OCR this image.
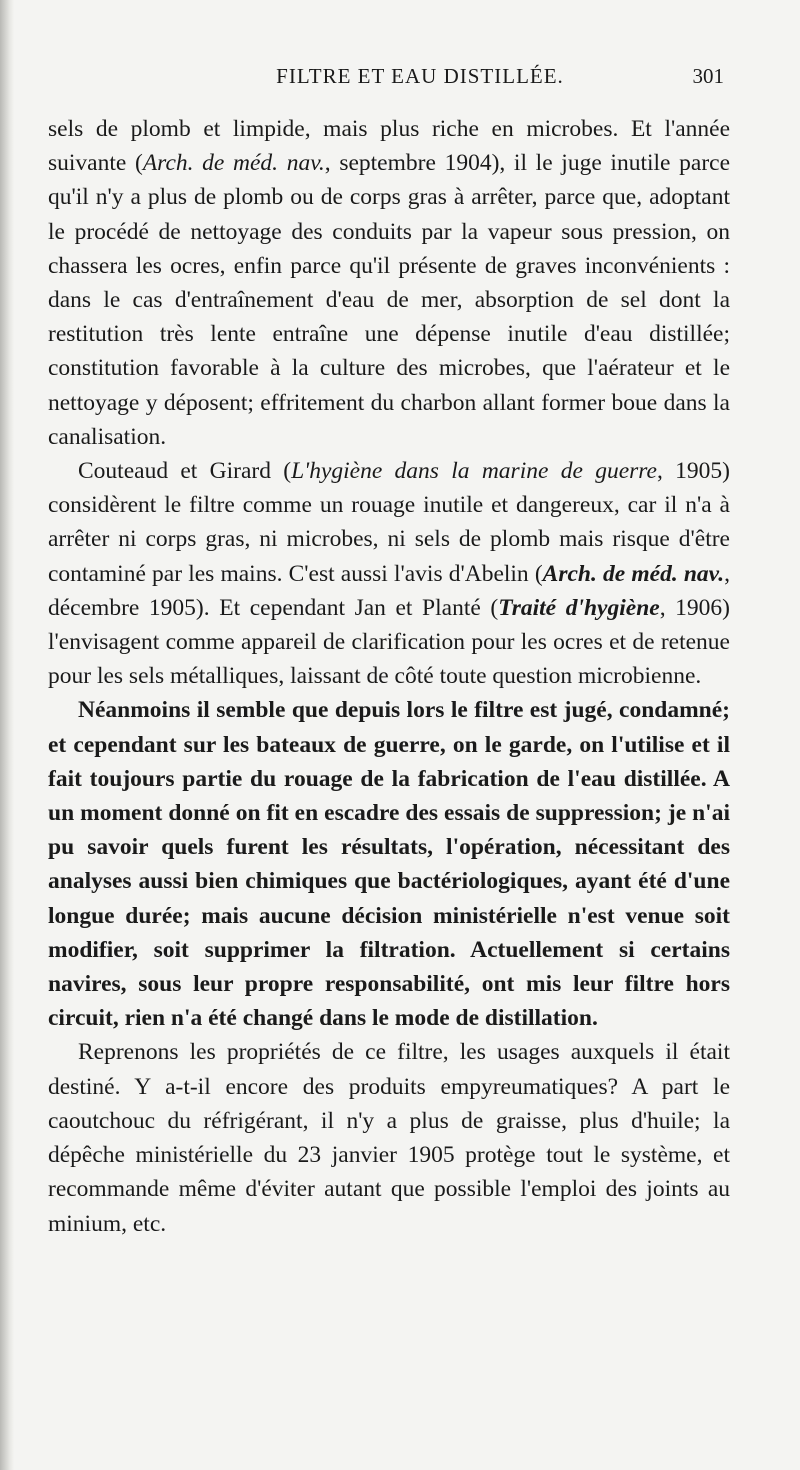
FILTRE ET EAU DISTILLÉE.	301

sels de plomb et limpide, mais plus riche en microbes. Et l'année suivante (Arch. de méd. nav., septembre 1904), il le juge inutile parce qu'il n'y a plus de plomb ou de corps gras à arrêter, parce que, adoptant le procédé de nettoyage des conduits par la vapeur sous pression, on chassera les ocres, enfin parce qu'il présente de graves inconvénients : dans le cas d'entraînement d'eau de mer, absorption de sel dont la restitution très lente entraîne une dépense inutile d'eau distillée; constitution favorable à la culture des microbes, que l'aérateur et le nettoyage y déposent; effritement du charbon allant former boue dans la canalisation.

Couteaud et Girard (L'hygiène dans la marine de guerre, 1905) considèrent le filtre comme un rouage inutile et dangereux, car il n'a à arrêter ni corps gras, ni microbes, ni sels de plomb mais risque d'être contaminé par les mains. C'est aussi l'avis d'Abelin (Arch. de méd. nav., décembre 1905). Et cependant Jan et Planté (Traité d'hygiène, 1906) l'envisagent comme appareil de clarification pour les ocres et de retenue pour les sels métalliques, laissant de côté toute question microbienne.

Néanmoins il semble que depuis lors le filtre est jugé, condamné; et cependant sur les bateaux de guerre, on le garde, on l'utilise et il fait toujours partie du rouage de la fabrication de l'eau distillée. A un moment donné on fit en escadre des essais de suppression; je n'ai pu savoir quels furent les résultats, l'opération, nécessitant des analyses aussi bien chimiques que bactériologiques, ayant été d'une longue durée; mais aucune décision ministérielle n'est venue soit modifier, soit supprimer la filtration. Actuellement si certains navires, sous leur propre responsabilité, ont mis leur filtre hors circuit, rien n'a été changé dans le mode de distillation.

Reprenons les propriétés de ce filtre, les usages auxquels il était destiné. Y a-t-il encore des produits empyreumatiques? A part le caoutchouc du réfrigérant, il n'y a plus de graisse, plus d'huile; la dépêche ministérielle du 23 janvier 1905 protège tout le système, et recommande même d'éviter autant que possible l'emploi des joints au minium, etc.
